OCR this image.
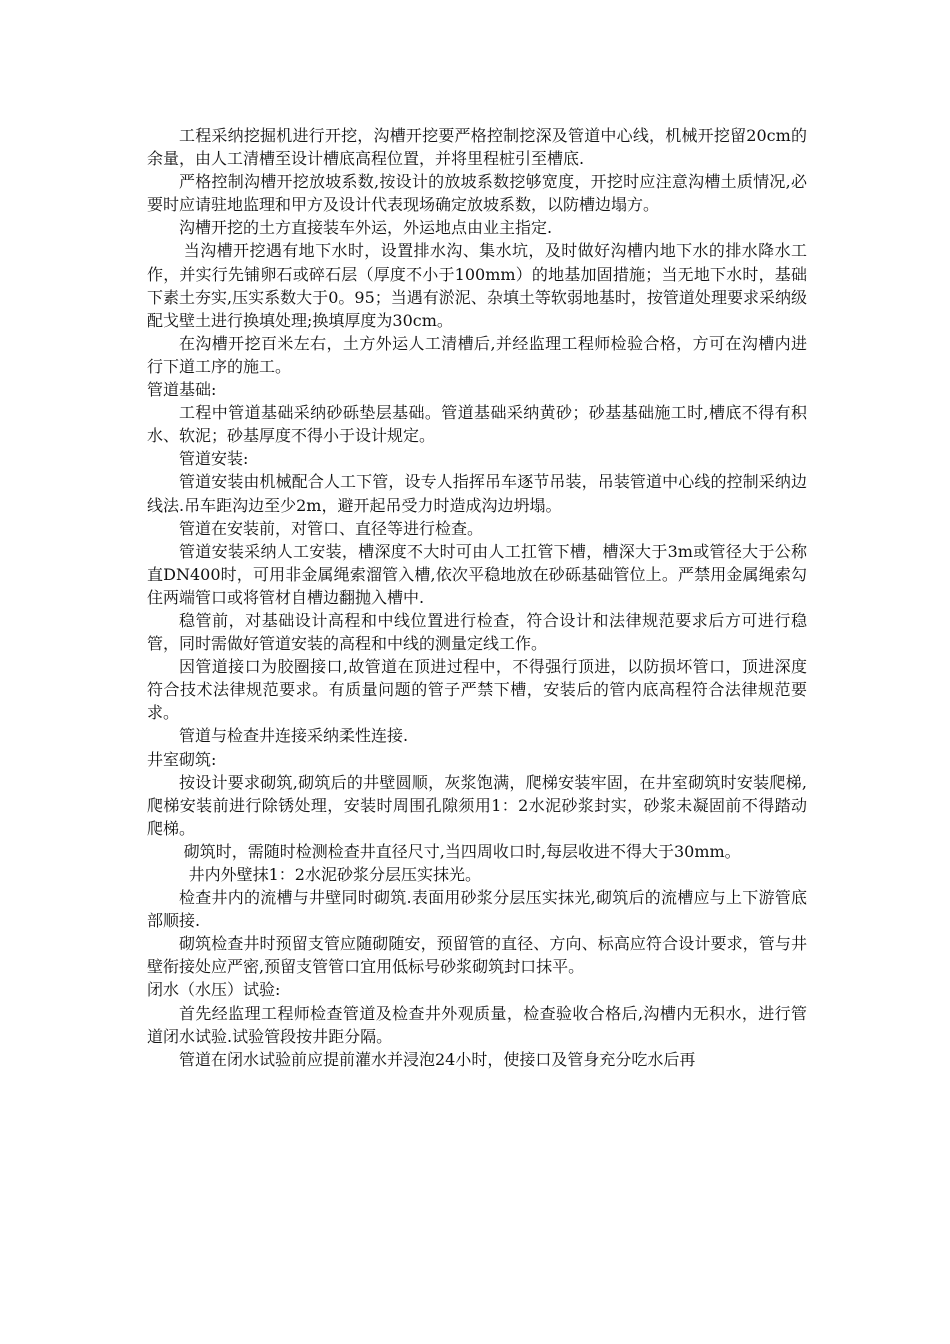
工程采纳挖掘机进行开挖，沟槽开挖要严格控制挖深及管道中心线，机械开挖留20cm的余量，由人工清槽至设计槽底高程位置，并将里程桩引至槽底.

严格控制沟槽开挖放坡系数,按设计的放坡系数挖够宽度，开挖时应注意沟槽土质情况,必要时应请驻地监理和甲方及设计代表现场确定放坡系数，以防槽边塌方。

沟槽开挖的土方直接装车外运，外运地点由业主指定.

当沟槽开挖遇有地下水时，设置排水沟、集水坑，及时做好沟槽内地下水的排水降水工作，并实行先铺卵石或碎石层（厚度不小于100mm）的地基加固措施；当无地下水时，基础下素土夯实,压实系数大于0。95；当遇有淤泥、杂填土等软弱地基时，按管道处理要求采纳级配戈壁土进行换填处理;换填厚度为30cm。

在沟槽开挖百米左右，土方外运人工清槽后,并经监理工程师检验合格，方可在沟槽内进行下道工序的施工。

管道基础:

工程中管道基础采纳砂砾垫层基础。管道基础采纳黄砂；砂基基础施工时,槽底不得有积水、软泥；砂基厚度不得小于设计规定。

管道安装:

管道安装由机械配合人工下管，设专人指挥吊车逐节吊装，吊装管道中心线的控制采纳边线法.吊车距沟边至少2m，避开起吊受力时造成沟边坍塌。

管道在安装前，对管口、直径等进行检查。

管道安装采纳人工安装，槽深度不大时可由人工扛管下槽，槽深大于3m或管径大于公称直DN400时，可用非金属绳索溜管入槽,依次平稳地放在砂砾基础管位上。严禁用金属绳索勾住两端管口或将管材自槽边翻抛入槽中.

稳管前，对基础设计高程和中线位置进行检查，符合设计和法律规范要求后方可进行稳管，同时需做好管道安装的高程和中线的测量定线工作。

因管道接口为胶圈接口,故管道在顶进过程中，不得强行顶进，以防损坏管口，顶进深度符合技术法律规范要求。有质量问题的管子严禁下槽，安装后的管内底高程符合法律规范要求。

管道与检查井连接采纳柔性连接.

井室砌筑:

按设计要求砌筑,砌筑后的井壁圆顺，灰浆饱满，爬梯安装牢固，在井室砌筑时安装爬梯,爬梯安装前进行除锈处理，安装时周围孔隙须用1：2水泥砂浆封实，砂浆未凝固前不得踏动爬梯。

砌筑时，需随时检测检查井直径尺寸,当四周收口时,每层收进不得大于30mm。

井内外壁抹1：2水泥砂浆分层压实抹光。

检查井内的流槽与井壁同时砌筑.表面用砂浆分层压实抹光,砌筑后的流槽应与上下游管底部顺接.

砌筑检查井时预留支管应随砌随安，预留管的直径、方向、标高应符合设计要求，管与井壁衔接处应严密,预留支管管口宜用低标号砂浆砌筑封口抹平。

闭水（水压）试验:

首先经监理工程师检查管道及检查井外观质量，检查验收合格后,沟槽内无积水，进行管道闭水试验.试验管段按井距分隔。

管道在闭水试验前应提前灌水并浸泡24小时，使接口及管身充分吃水后再
